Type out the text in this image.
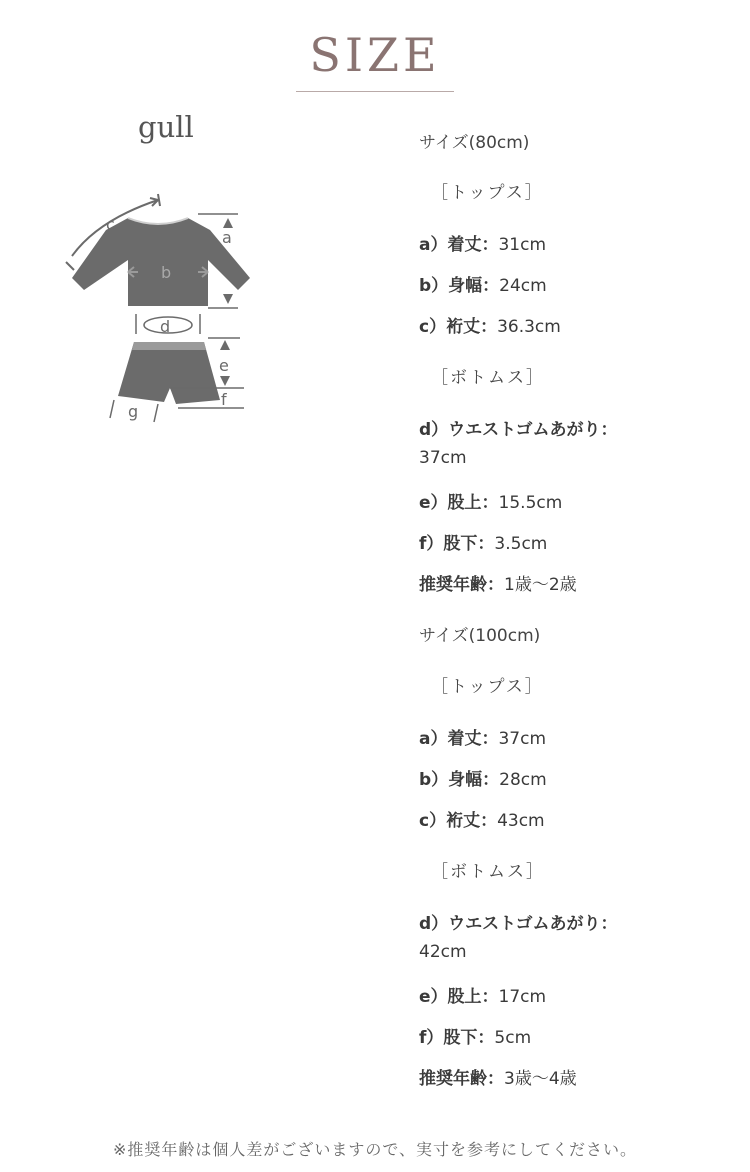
SIZE
gull
b
c
a
d
e
f
g
サイズ(80cm)
［トップス］
a）着丈：31cm
b）身幅：24cm
c）裄丈：36.3cm
［ボトムス］
d）ウエストゴムあがり：
37cm
e）股上：15.5cm
f）股下：3.5cm
推奨年齢：1歳〜2歳
サイズ(100cm)
［トップス］
a）着丈：37cm
b）身幅：28cm
c）裄丈：43cm
［ボトムス］
d）ウエストゴムあがり：
42cm
e）股上：17cm
f）股下：5cm
推奨年齢：3歳〜4歳
※推奨年齢は個人差がございますので、実寸を参考にしてください。
